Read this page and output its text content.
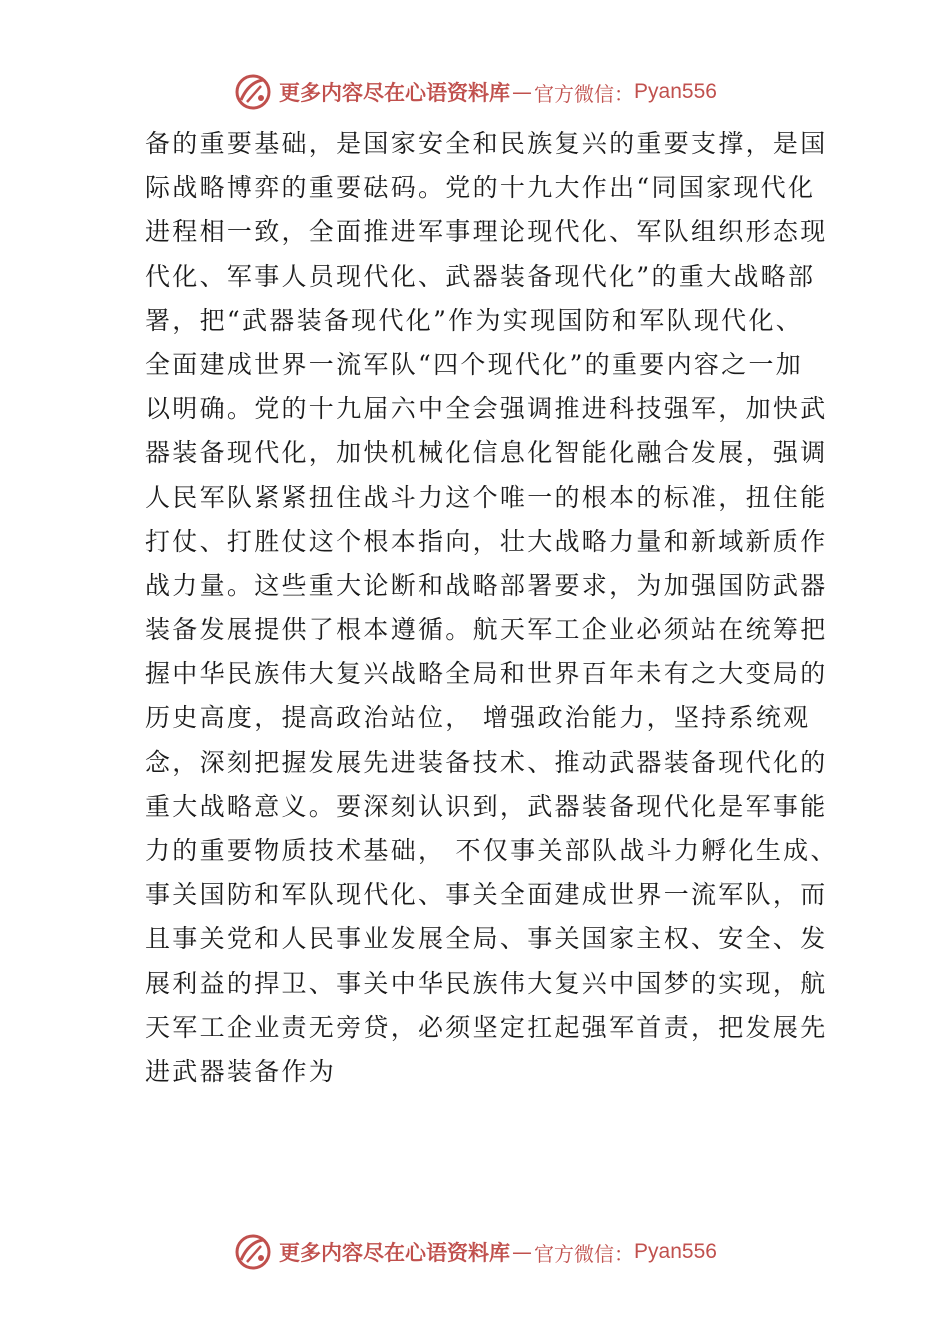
更多内容尽在心语资料库 — 官方微信： Pyan556
备的重要基础，是国家安全和民族复兴的重要支撑，是国
际战略博弈的重要砝码。党的十九大作出“同国家现代化
进程相一致，全面推进军事理论现代化、军队组织形态现
代化、军事人员现代化、武器装备现代化”的重大战略部
署，把“武器装备现代化”作为实现国防和军队现代化、
全面建成世界一流军队“四个现代化”的重要内容之一加
以明确。党的十九届六中全会强调推进科技强军，加快武
器装备现代化，加快机械化信息化智能化融合发展，强调
人民军队紧紧扭住战斗力这个唯一的根本的标准，扭住能
打仗、打胜仗这个根本指向，壮大战略力量和新域新质作
战力量。这些重大论断和战略部署要求，为加强国防武器
装备发展提供了根本遵循。航天军工企业必须站在统筹把
握中华民族伟大复兴战略全局和世界百年未有之大变局的
历史高度，提高政治站位， 增强政治能力，坚持系统观
念，深刻把握发展先进装备技术、推动武器装备现代化的
重大战略意义。要深刻认识到，武器装备现代化是军事能
力的重要物质技术基础， 不仅事关部队战斗力孵化生成、
事关国防和军队现代化、事关全面建成世界一流军队，而
且事关党和人民事业发展全局、事关国家主权、安全、发
展利益的捍卫、事关中华民族伟大复兴中国梦的实现，航
天军工企业责无旁贷，必须坚定扛起强军首责，把发展先
进武器装备作为
更多内容尽在心语资料库 — 官方微信： Pyan556
